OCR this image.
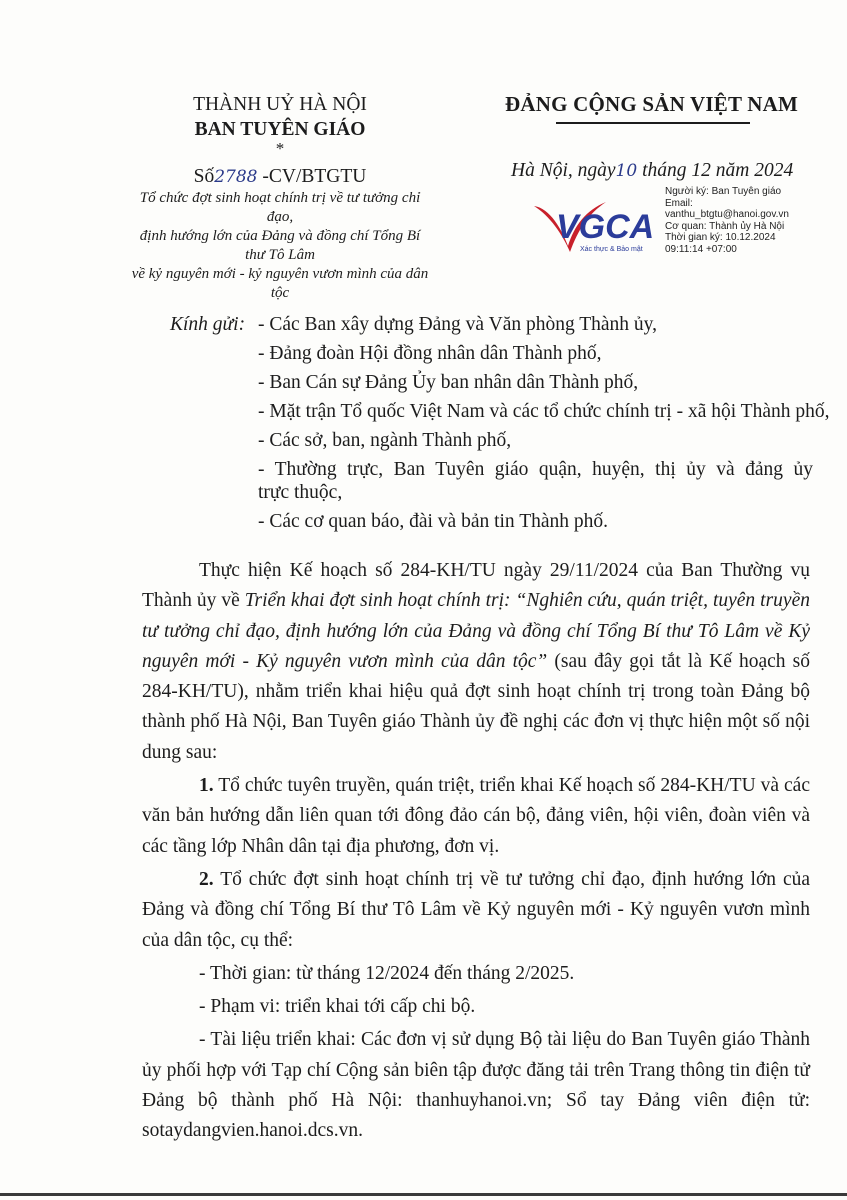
THÀNH UỶ HÀ NỘI
BAN TUYÊN GIÁO
*
Số2788 -CV/BTGTU
Tổ chức đợt sinh hoạt chính trị về tư tưởng chỉ đạo,
định hướng lớn của Đảng và đồng chí Tổng Bí thư Tô Lâm
về kỷ nguyên mới - kỷ nguyên vươn mình của dân tộc
ĐẢNG CỘNG SẢN VIỆT NAM
Hà Nội, ngày10 tháng 12 năm 2024
VGCA
Xác thực & Bảo mật
Người ký: Ban Tuyên giáo
Email:
vanthu_btgtu@hanoi.gov.vn
Cơ quan: Thành ủy Hà Nội
Thời gian ký: 10.12.2024
09:11:14 +07:00
Kính gửi: - Các Ban xây dựng Đảng và Văn phòng Thành ủy,
- Đảng đoàn Hội đồng nhân dân Thành phố,
- Ban Cán sự Đảng Ủy ban nhân dân Thành phố,
- Mặt trận Tổ quốc Việt Nam và các tổ chức chính trị - xã hội Thành phố,
- Các sở, ban, ngành Thành phố,
- Thường trực, Ban Tuyên giáo quận, huyện, thị ủy và đảng ủy
trực thuộc,
- Các cơ quan báo, đài và bản tin Thành phố.

Thực hiện Kế hoạch số 284-KH/TU ngày 29/11/2024 của Ban Thường vụ Thành ủy về Triển khai đợt sinh hoạt chính trị: “Nghiên cứu, quán triệt, tuyên truyền tư tưởng chỉ đạo, định hướng lớn của Đảng và đồng chí Tổng Bí thư Tô Lâm về Kỷ nguyên mới - Kỷ nguyên vươn mình của dân tộc” (sau đây gọi tắt là Kế hoạch số 284-KH/TU), nhằm triển khai hiệu quả đợt sinh hoạt chính trị trong toàn Đảng bộ thành phố Hà Nội, Ban Tuyên giáo Thành ủy đề nghị các đơn vị thực hiện một số nội dung sau:

1. Tổ chức tuyên truyền, quán triệt, triển khai Kế hoạch số 284-KH/TU và các văn bản hướng dẫn liên quan tới đông đảo cán bộ, đảng viên, hội viên, đoàn viên và các tầng lớp Nhân dân tại địa phương, đơn vị.

2. Tổ chức đợt sinh hoạt chính trị về tư tưởng chỉ đạo, định hướng lớn của Đảng và đồng chí Tổng Bí thư Tô Lâm về Kỷ nguyên mới - Kỷ nguyên vươn mình của dân tộc, cụ thể:

- Thời gian: từ tháng 12/2024 đến tháng 2/2025.

- Phạm vi: triển khai tới cấp chi bộ.

- Tài liệu triển khai: Các đơn vị sử dụng Bộ tài liệu do Ban Tuyên giáo Thành ủy phối hợp với Tạp chí Cộng sản biên tập được đăng tải trên Trang thông tin điện tử Đảng bộ thành phố Hà Nội: thanhuyhanoi.vn; Sổ tay Đảng viên điện tử: sotaydangvien.hanoi.dcs.vn.
